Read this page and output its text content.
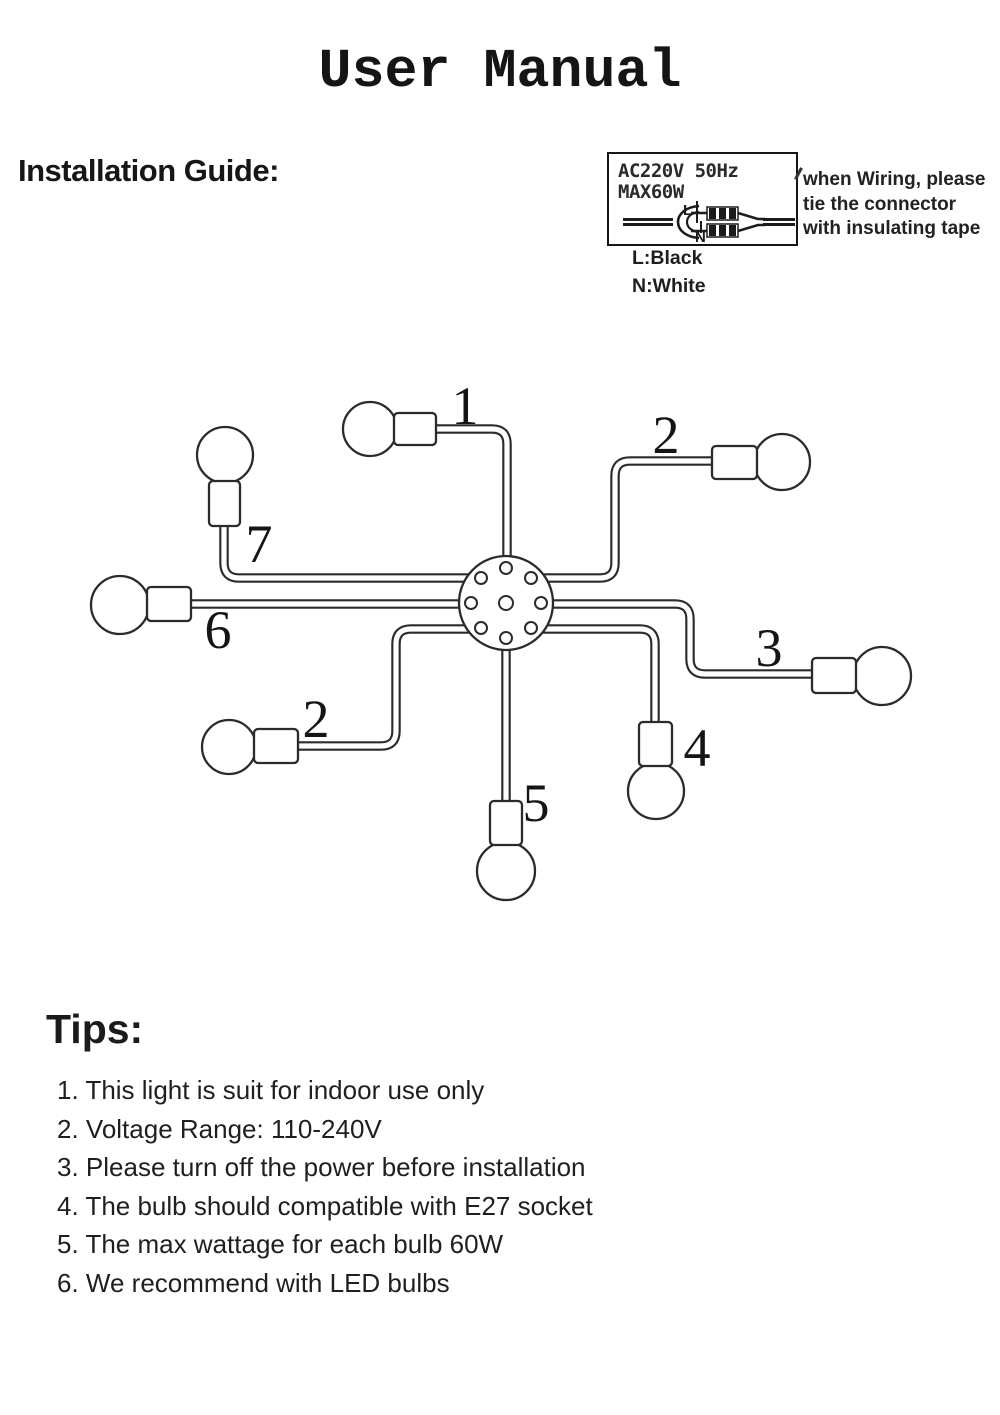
User Manual
Installation Guide:	AC220V 50Hz
MAX60W
L
N
L:Black
N:White
when Wiring, please
tie the connector
with insulating tape
1	2
3
4
5
6
7
2
Tips:
1. This light is suit for indoor use only
2. Voltage Range: 110-240V
3. Please turn off the power before installation
4. The bulb should compatible with E27 socket
5. The max wattage for each bulb 60W
6. We recommend with LED bulbs
